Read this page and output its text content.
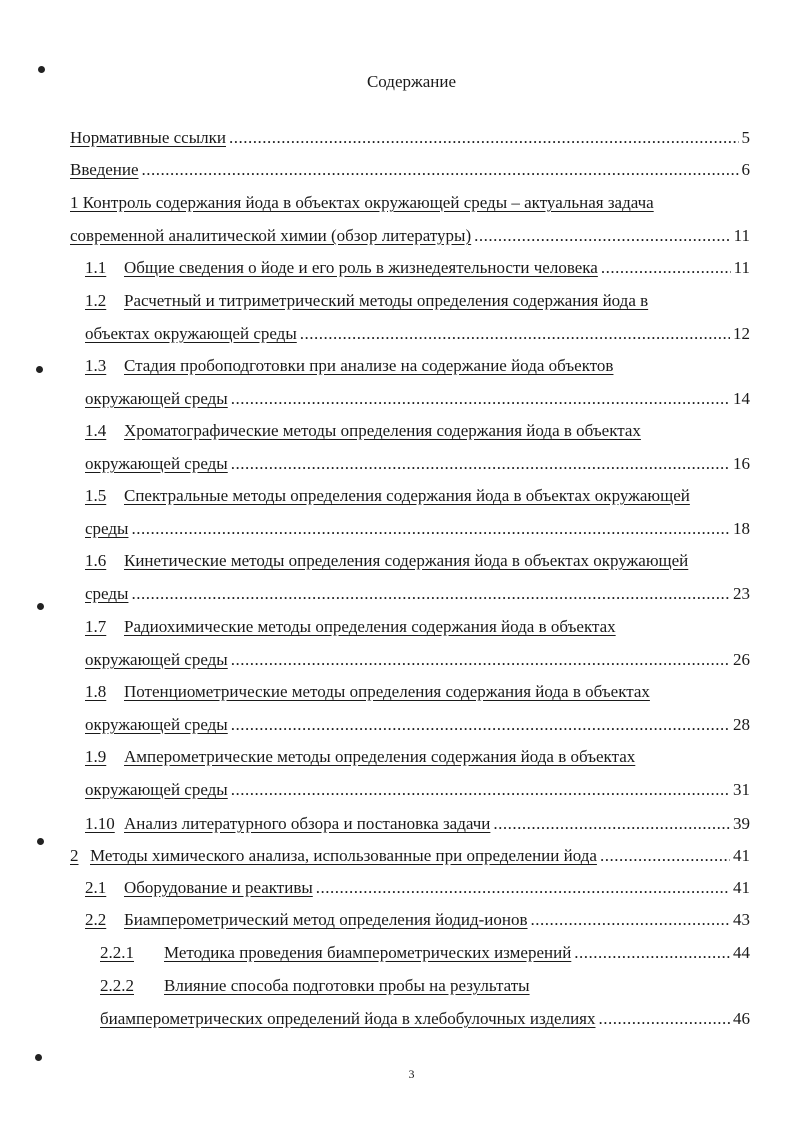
Содержание
Нормативные ссылки .....	5
Введение .....	6
1 Контроль содержания йода в объектах окружающей среды – актуальная задача
современной аналитической химии (обзор литературы) .....	11
1.1	Общие сведения о йоде и его роль в жизнедеятельности человека .....	11
1.2	Расчетный и титриметрический методы определения содержания йода в
объектах окружающей среды .....	12
1.3	Стадия пробоподготовки при анализе на содержание йода объектов
окружающей среды .....	14
1.4	Хроматографические методы определения содержания йода в объектах
окружающей среды .....	16
1.5	Спектральные методы определения содержания йода в объектах окружающей
среды .....	18
1.6	Кинетические методы определения содержания йода в объектах окружающей
среды .....	23
1.7	Радиохимические методы определения содержания йода в объектах
окружающей среды .....	26
1.8	Потенциометрические методы определения содержания йода в объектах
окружающей среды .....	28
1.9	Амперометрические методы определения содержания йода в объектах
окружающей среды .....	31
1.10 Анализ литературного обзора и постановка задачи .....	39
2 Методы химического анализа, использованные при определении йода .....	41
2.1	Оборудование и реактивы .....	41
2.2	Биамперометрический метод определения йодид-ионов .....	43
2.2.1	Методика проведения биамперометрических измерений .....	44
2.2.2	Влияние способа подготовки пробы на результаты
биамперометрических определений йода в хлебобулочных изделиях .....	46
3
